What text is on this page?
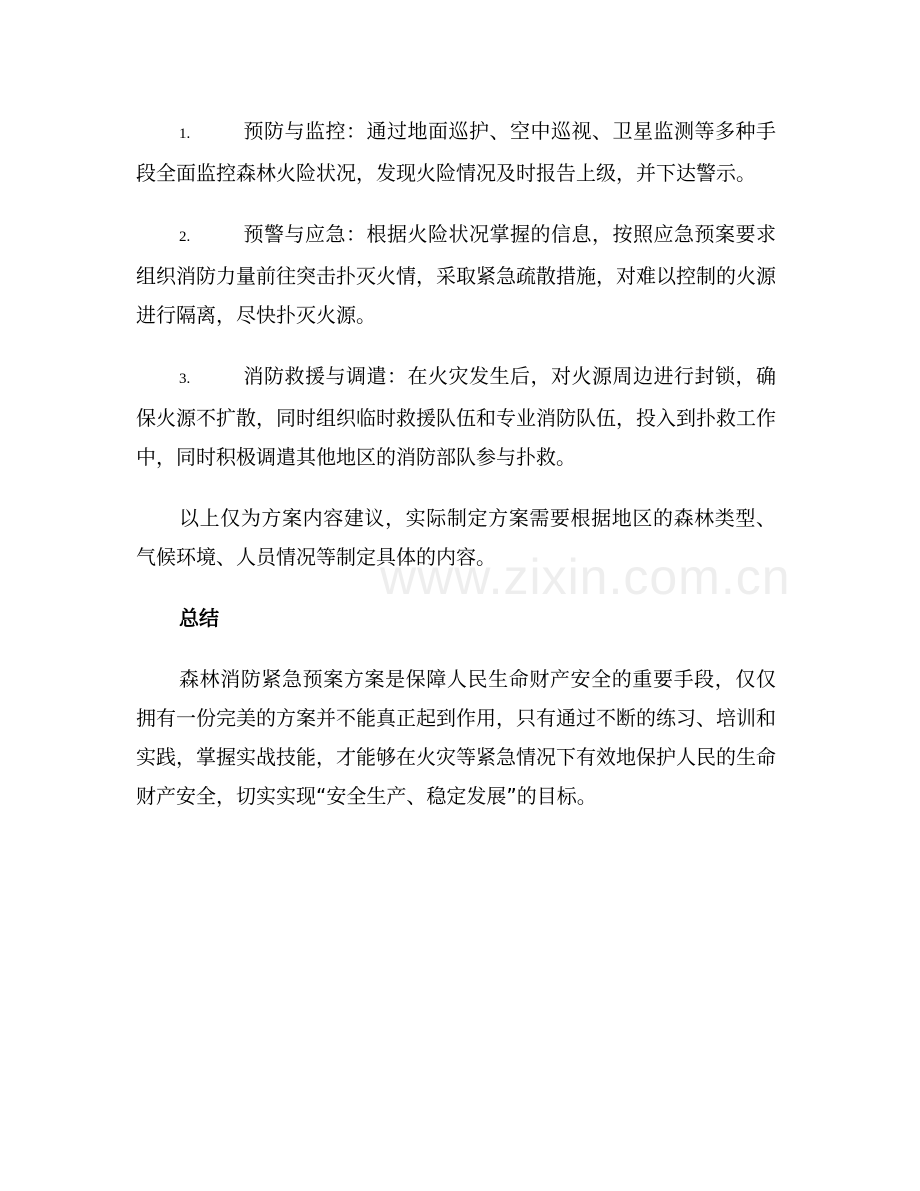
1.	预防与监控：通过地面巡护、空中巡视、卫星监测等多种手段全面监控森林火险状况，发现火险情况及时报告上级，并下达警示。

2.	预警与应急：根据火险状况掌握的信息，按照应急预案要求组织消防力量前往突击扑灭火情，采取紧急疏散措施，对难以控制的火源进行隔离，尽快扑灭火源。

3.	消防救援与调遣：在火灾发生后，对火源周边进行封锁，确保火源不扩散，同时组织临时救援队伍和专业消防队伍，投入到扑救工作中，同时积极调遣其他地区的消防部队参与扑救。

以上仅为方案内容建议，实际制定方案需要根据地区的森林类型、气候环境、人员情况等制定具体的内容。

总结

森林消防紧急预案方案是保障人民生命财产安全的重要手段，仅仅拥有一份完美的方案并不能真正起到作用，只有通过不断的练习、培训和实践，掌握实战技能，才能够在火灾等紧急情况下有效地保护人民的生命财产安全，切实实现“安全生产、稳定发展”的目标。

www.zixin.com.cn
